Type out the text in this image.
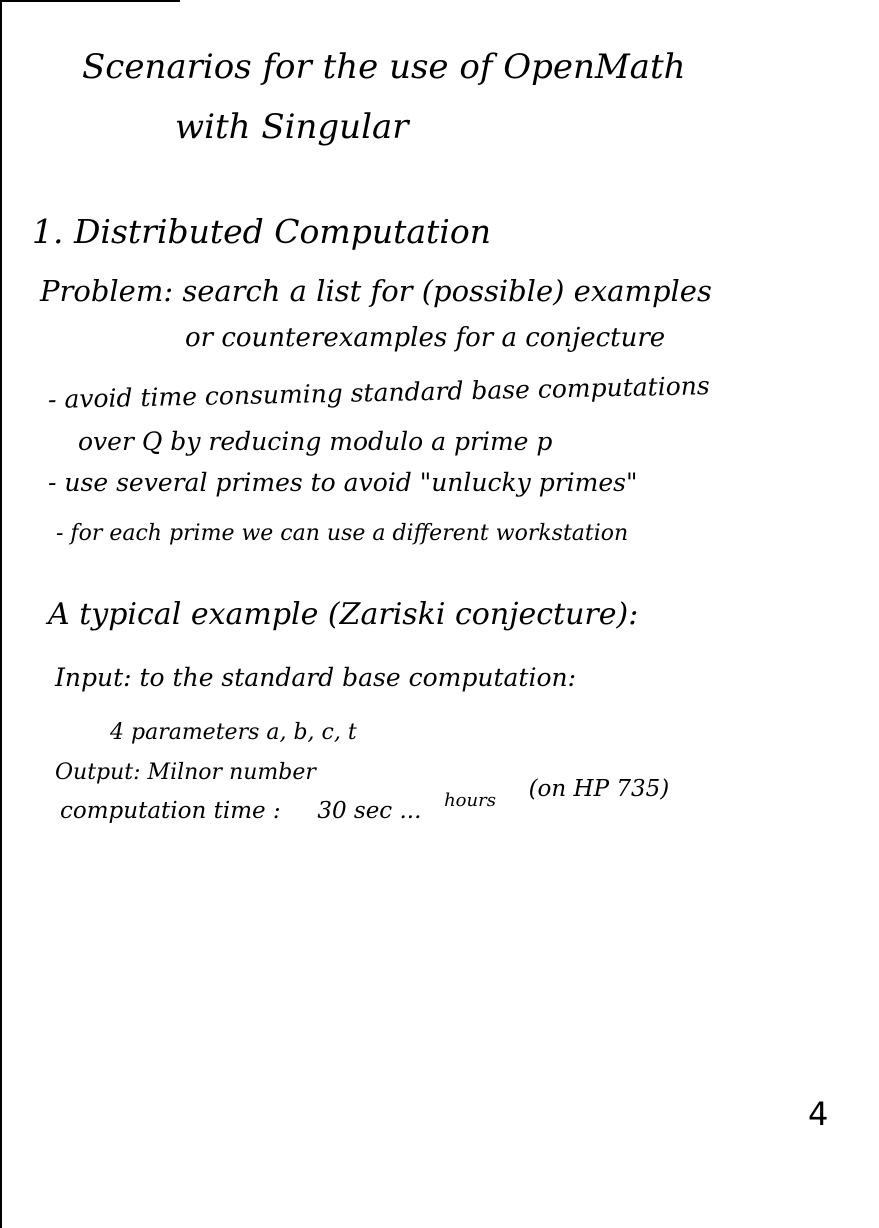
Scenarios for the use of OpenMath
with Singular
1. Distributed Computation
Problem: search a list for (possible) examples
or counterexamples for a conjecture
- avoid time consuming standard base computations
over Q by reducing modulo a prime p
- use several primes to avoid "unlucky primes"
- for each prime we can use a different workstation
A typical example (Zariski conjecture):
Input: to the standard base computation:
4 parameters a, b, c, t
Output: Milnor number
computation time : 30 sec ... $^{hours}$ (on HP 735)
4
